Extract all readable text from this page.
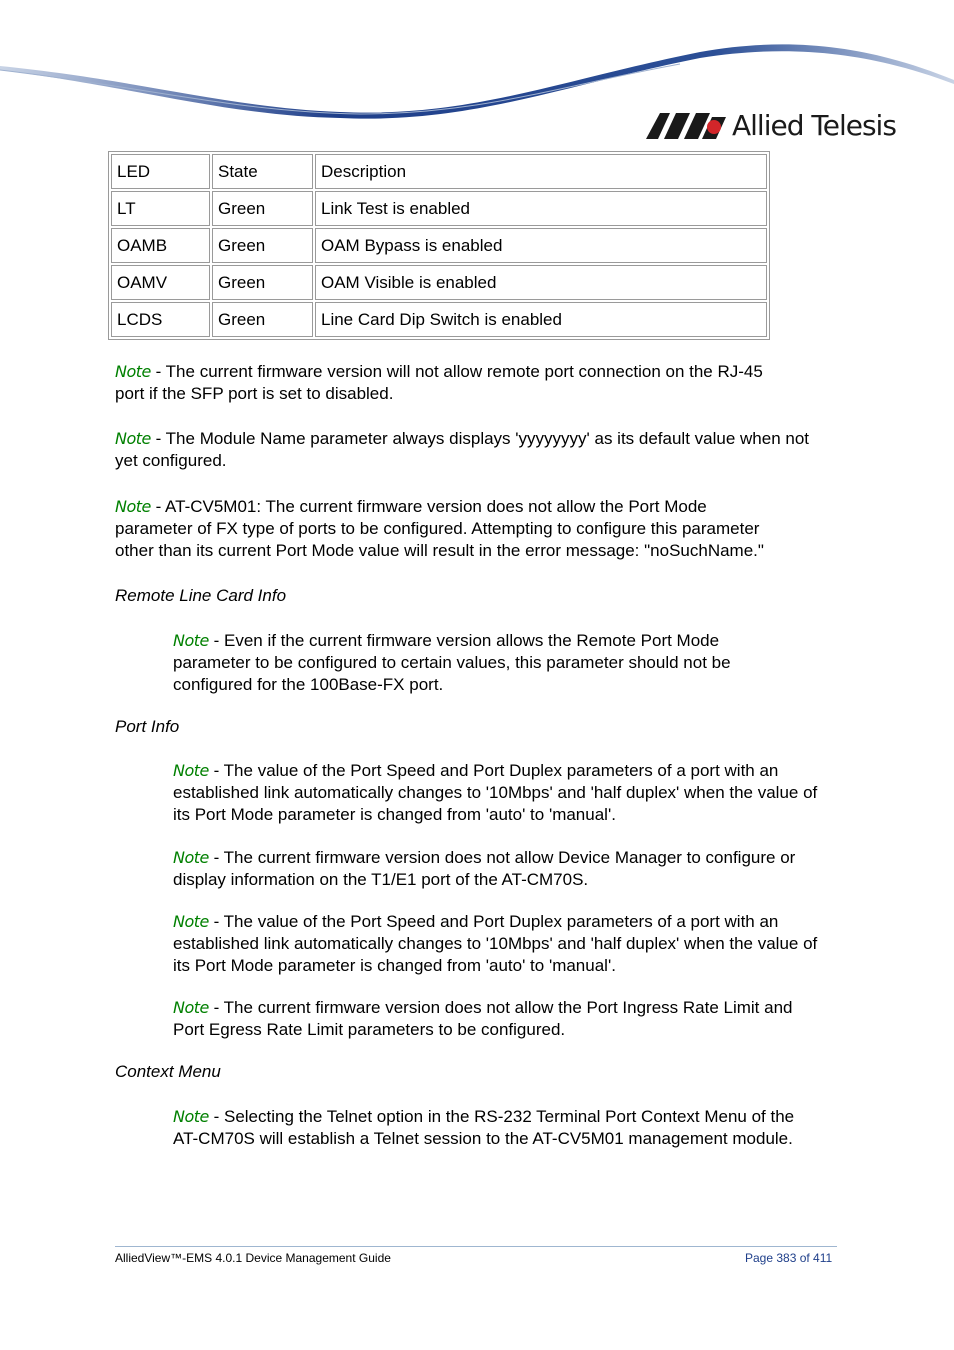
Allied Telesis
LED	State	Description
LT	Green	Link Test is enabled
OAMB	Green	OAM Bypass is enabled
OAMV	Green	OAM Visible is enabled
LCDS	Green	Line Card Dip Switch is enabled

Note - The current firmware version will not allow remote port connection on the RJ-45
port if the SFP port is set to disabled.

Note - The Module Name parameter always displays 'yyyyyyyy' as its default value when not
yet configured.

Note - AT-CV5M01: The current firmware version does not allow the Port Mode
parameter of FX type of ports to be configured. Attempting to configure this parameter
other than its current Port Mode value will result in the error message: "noSuchName."

Remote Line Card Info

Note - Even if the current firmware version allows the Remote Port Mode
parameter to be configured to certain values, this parameter should not be
configured for the 100Base-FX port.

Port Info

Note - The value of the Port Speed and Port Duplex parameters of a port with an
established link automatically changes to '10Mbps' and 'half duplex' when the value of
its Port Mode parameter is changed from 'auto' to 'manual'.

Note - The current firmware version does not allow Device Manager to configure or
display information on the T1/E1 port of the AT-CM70S.

Note - The value of the Port Speed and Port Duplex parameters of a port with an
established link automatically changes to '10Mbps' and 'half duplex' when the value of
its Port Mode parameter is changed from 'auto' to 'manual'.

Note - The current firmware version does not allow the Port Ingress Rate Limit and
Port Egress Rate Limit parameters to be configured.

Context Menu

Note - Selecting the Telnet option in the RS-232 Terminal Port Context Menu of the
AT-CM70S will establish a Telnet session to the AT-CV5M01 management module.

AlliedView™-EMS 4.0.1 Device Management Guide	Page 383 of 411
